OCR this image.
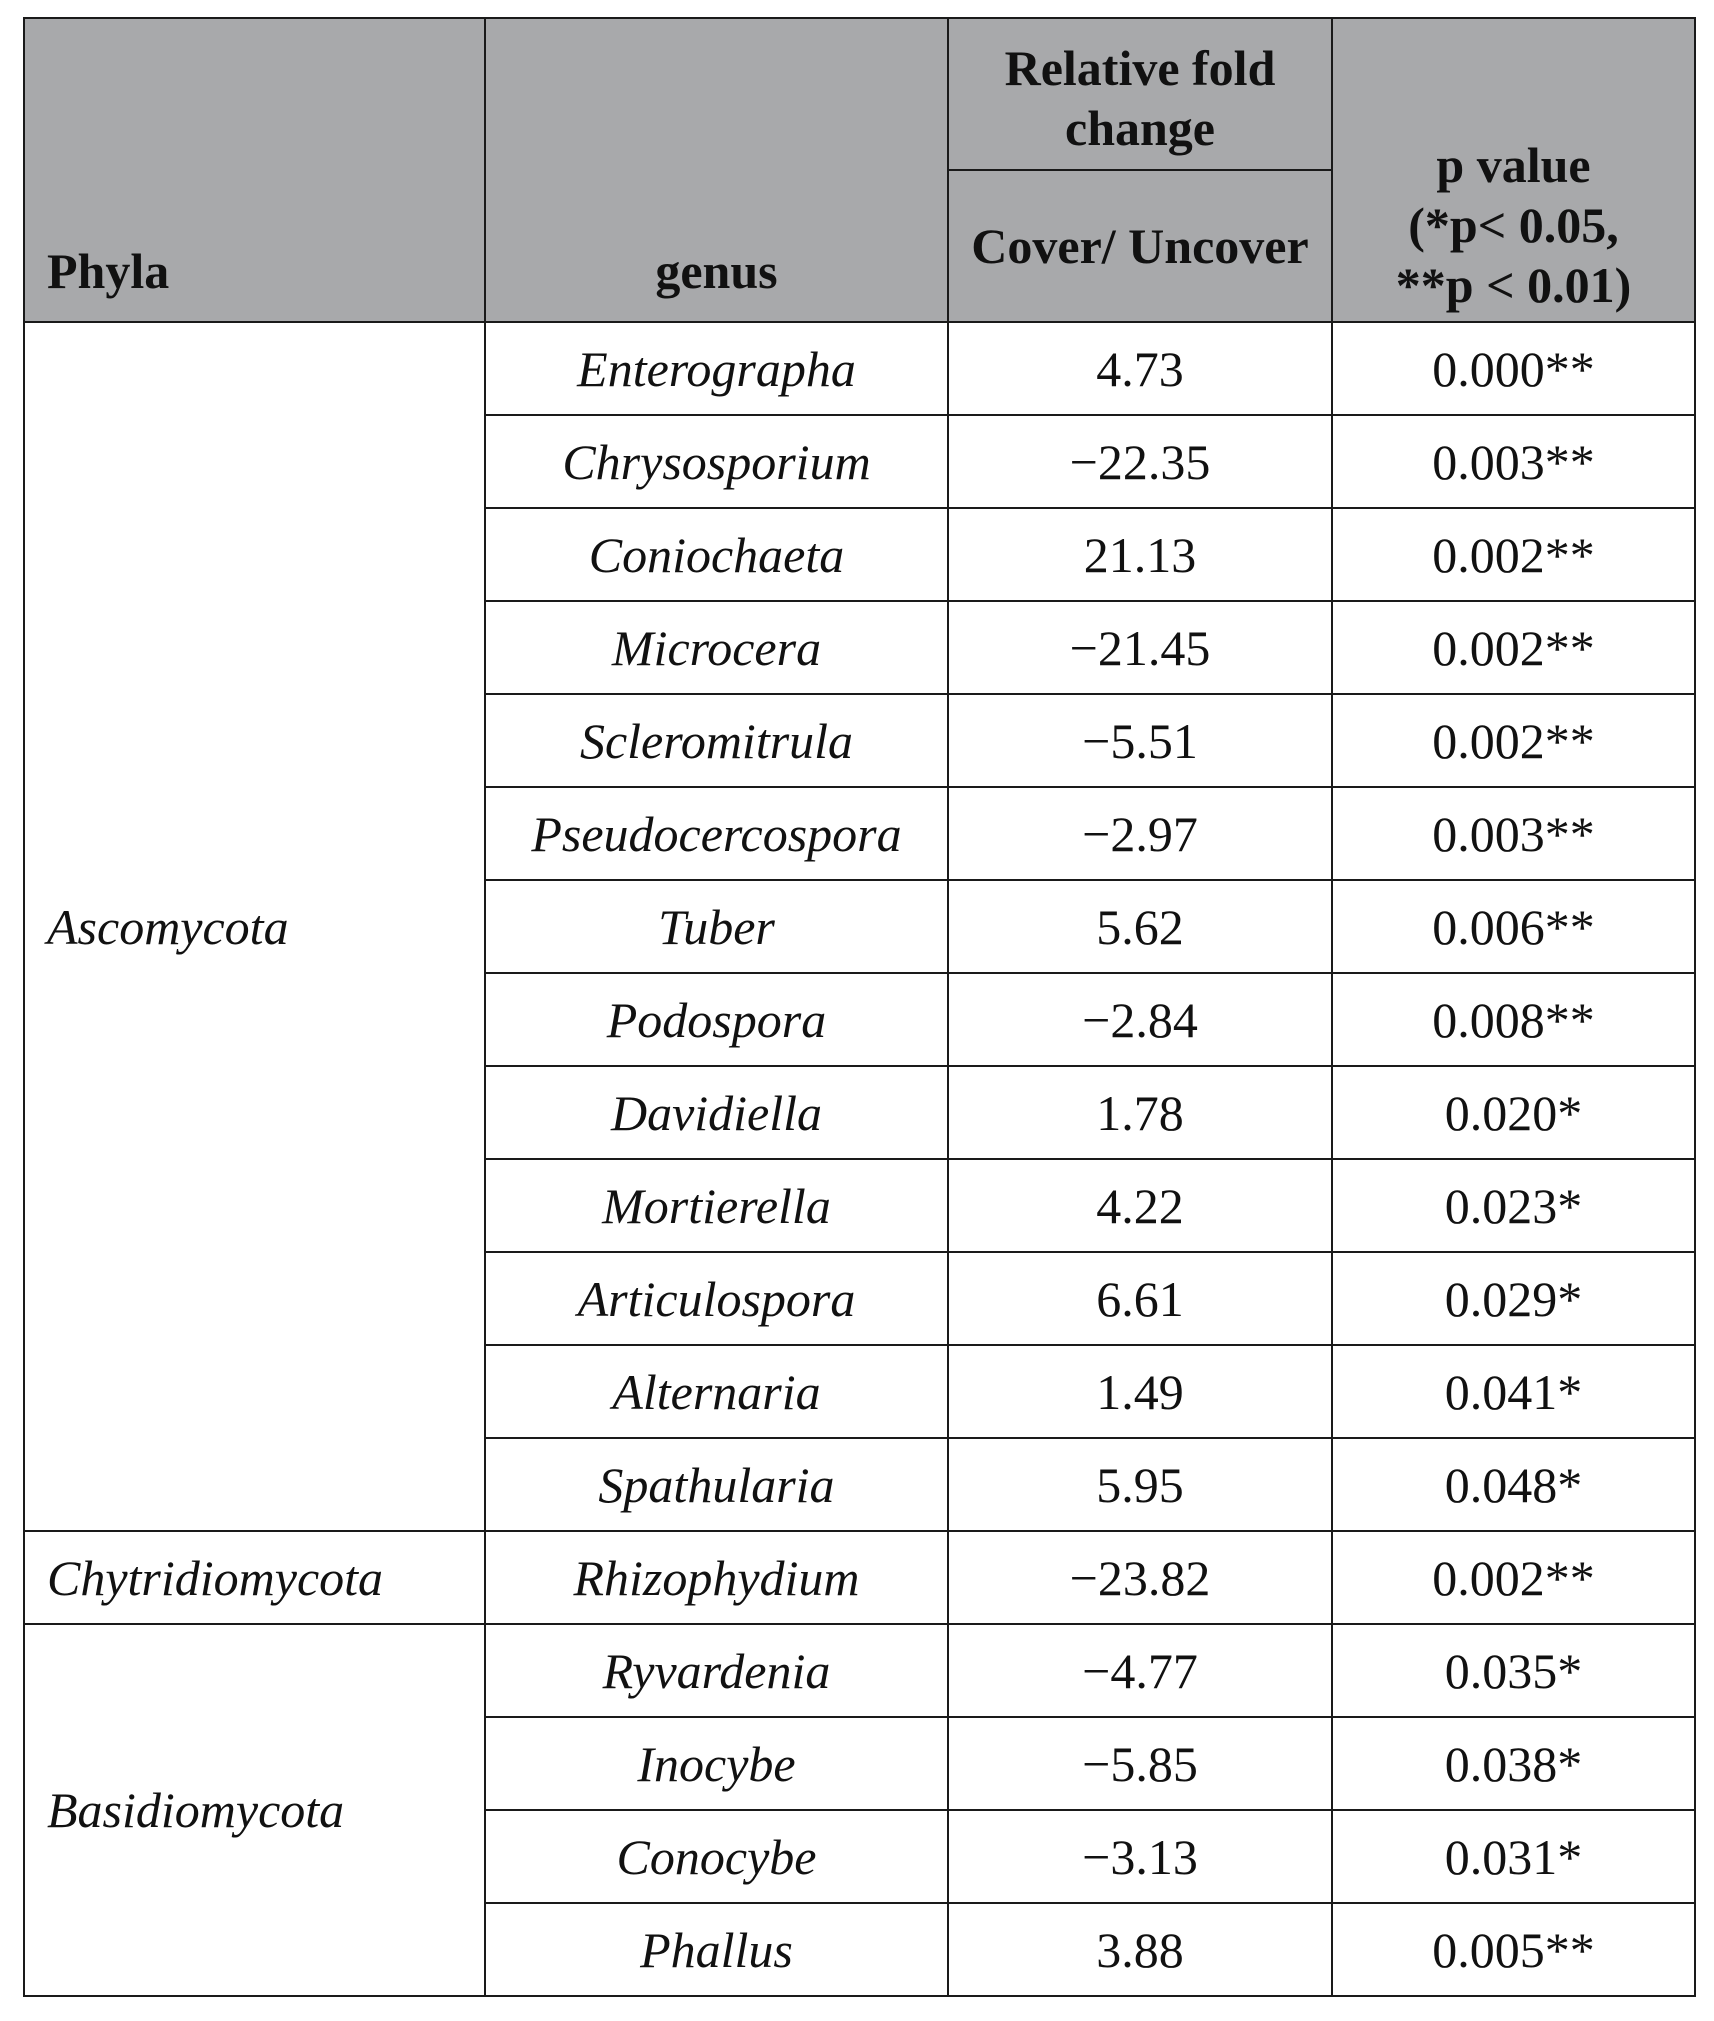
Phyla	genus	Relative fold change	p value
(*p< 0.05,
**p < 0.01)

		Cover/ Uncover	
Ascomycota	Enterographa	4.73	0.000**
	Chrysosporium	−22.35	0.003**
	Coniochaeta	21.13	0.002**
	Microcera	−21.45	0.002**
	Scleromitrula	−5.51	0.002**
	Pseudocercospora	−2.97	0.003**
	Tuber	5.62	0.006**
	Podospora	−2.84	0.008**
	Davidiella	1.78	0.020*
	Mortierella	4.22	0.023*
	Articulospora	6.61	0.029*
	Alternaria	1.49	0.041*
	Spathularia	5.95	0.048*
Chytridiomycota	Rhizophydium	−23.82	0.002**
Basidiomycota	Ryvardenia	−4.77	0.035*
	Inocybe	−5.85	0.038*
	Conocybe	−3.13	0.031*
	Phallus	3.88	0.005**
